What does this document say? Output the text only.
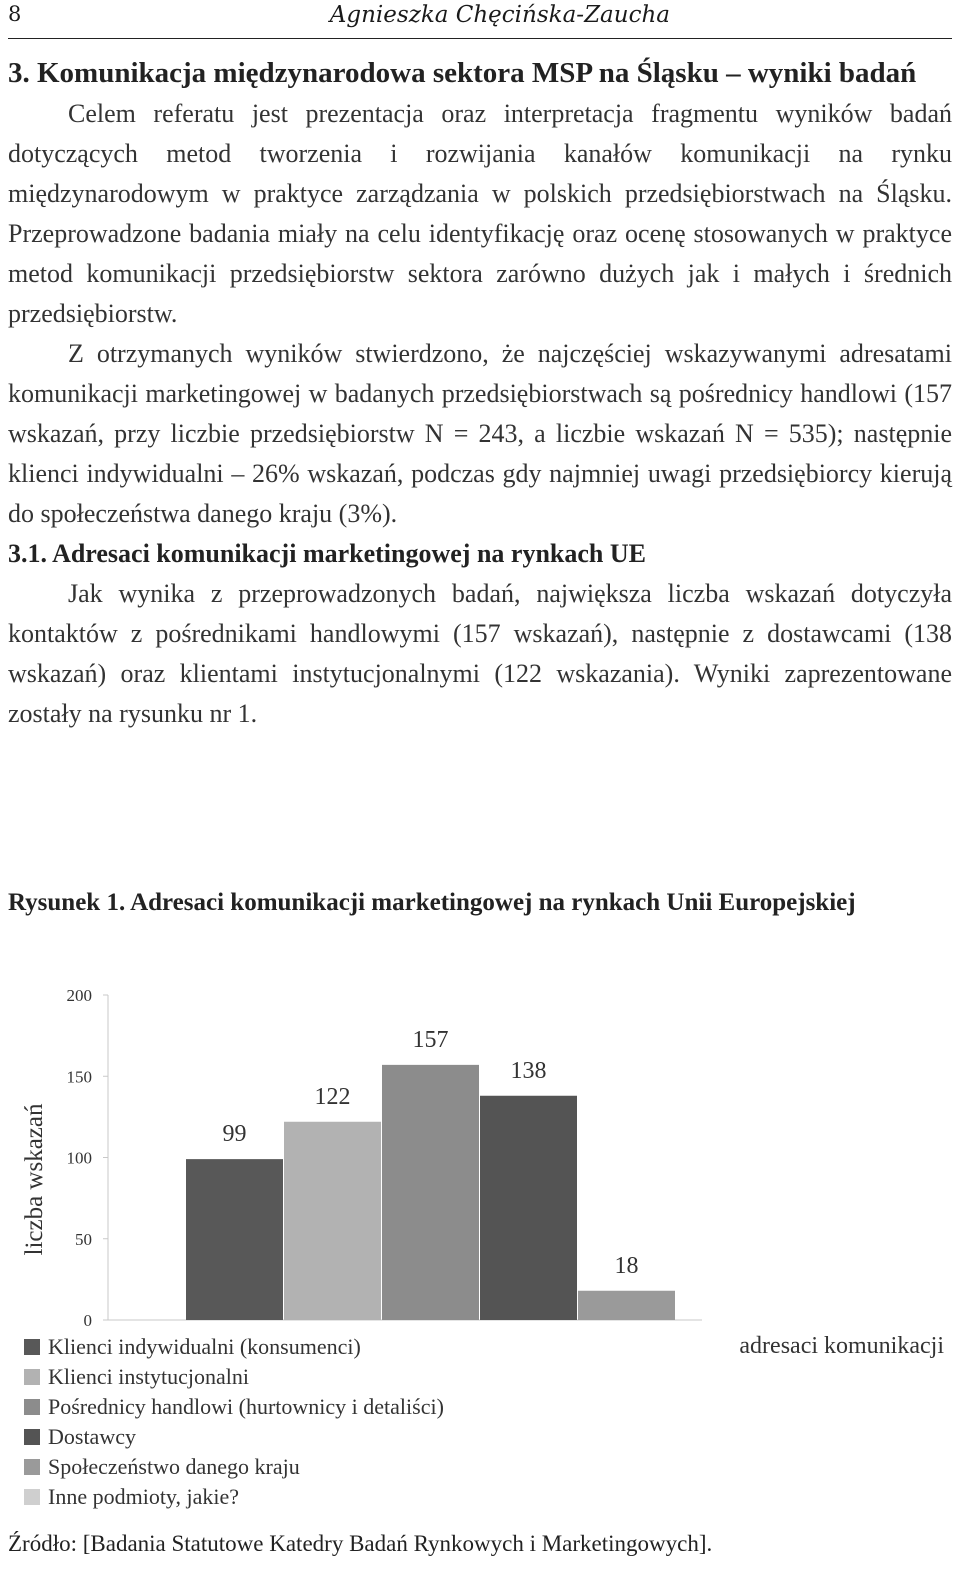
8	Agnieszka Chęcińska-Zaucha
3. Komunikacja międzynarodowa sektora MSP na Śląsku – wyniki badań

Celem referatu jest prezentacja oraz interpretacja fragmentu wyników badań dotyczących metod tworzenia i rozwijania kanałów komunikacji na rynku międzynarodowym w praktyce zarządzania w polskich przedsiębiorstwach na Śląsku. Przeprowadzone badania miały na celu identyfikację oraz ocenę stosowanych w praktyce metod komunikacji przedsiębiorstw sektora zarówno dużych jak i małych i średnich przedsiębiorstw.

Z otrzymanych wyników stwierdzono, że najczęściej wskazywanymi adresatami komunikacji marketingowej w badanych przedsiębiorstwach są pośrednicy handlowi (157 wskazań, przy liczbie przedsiębiorstw N = 243, a liczbie wskazań N = 535); następnie klienci indywidualni – 26% wskazań, podczas gdy najmniej uwagi przedsiębiorcy kierują do społeczeństwa danego kraju (3%).

3.1. Adresaci komunikacji marketingowej na rynkach UE

Jak wynika z przeprowadzonych badań, największa liczba wskazań dotyczyła kontaktów z pośrednikami handlowymi (157 wskazań), następnie z dostawcami (138 wskazań) oraz klientami instytucjonalnymi (122 wskazania). Wyniki zaprezentowane zostały na rysunku nr 1.

Rysunek 1. Adresaci komunikacji marketingowej na rynkach Unii Europejskiej
0
50
100
150
200
liczba wskazań	99
122
157
138
18
adresaci komunikacji
Klienci indywidualni (konsumenci)
Klienci instytucjonalni
Pośrednicy handlowi (hurtownicy i detaliści)
Dostawcy
Społeczeństwo danego kraju
Inne podmioty, jakie?
Źródło: [Badania Statutowe Katedry Badań Rynkowych i Marketingowych].
